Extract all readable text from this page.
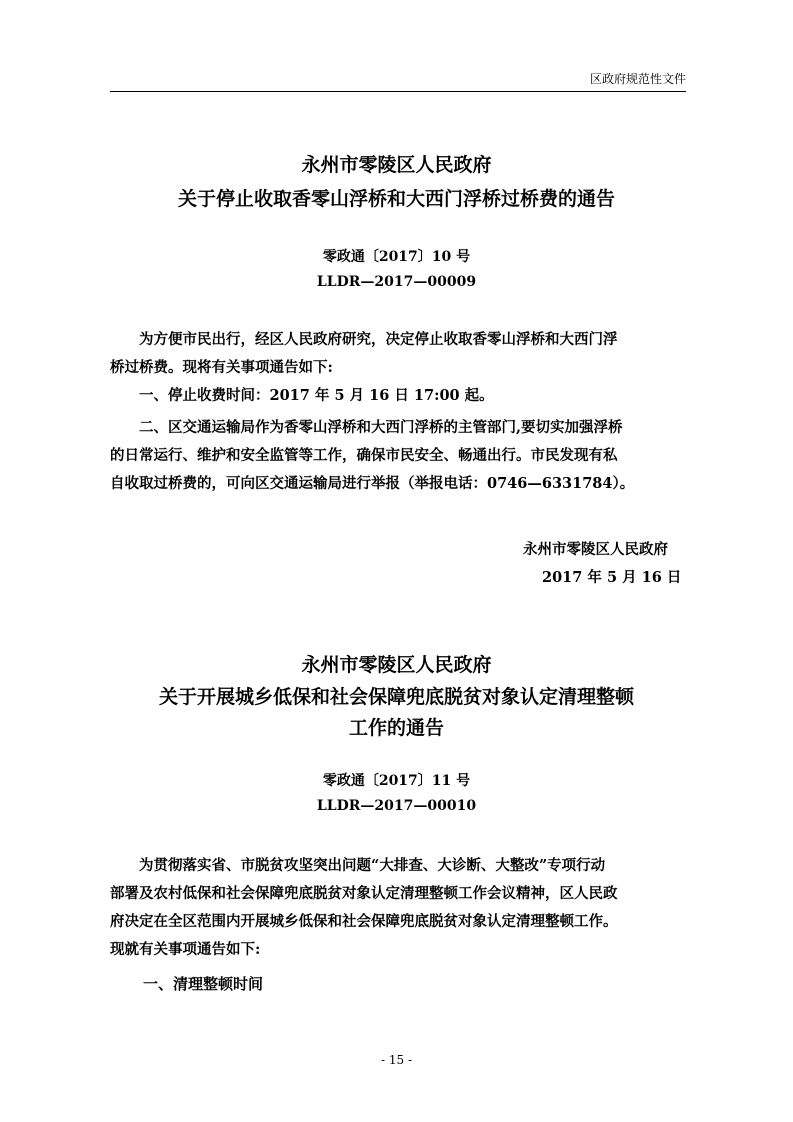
区政府规范性文件
永州市零陵区人民政府
关于停止收取香零山浮桥和大西门浮桥过桥费的通告
零政通〔2017〕10 号
LLDR—2017—00009
为方便市民出行，经区人民政府研究，决定停止收取香零山浮桥和大西门浮
桥过桥费。现将有关事项通告如下:
一、停止收费时间：2017 年 5 月 16 日 17:00 起。
二、区交通运输局作为香零山浮桥和大西门浮桥的主管部门,要切实加强浮桥
的日常运行、维护和安全监管等工作，确保市民安全、畅通出行。市民发现有私
自收取过桥费的，可向区交通运输局进行举报（举报电话：0746—6331784）。
永州市零陵区人民政府
2017 年 5 月 16 日
永州市零陵区人民政府
关于开展城乡低保和社会保障兜底脱贫对象认定清理整顿
工作的通告
零政通〔2017〕11 号
LLDR—2017—00010
为贯彻落实省、市脱贫攻坚突出问题“大排查、大诊断、大整改”专项行动
部署及农村低保和社会保障兜底脱贫对象认定清理整顿工作会议精神，区人民政
府决定在全区范围内开展城乡低保和社会保障兜底脱贫对象认定清理整顿工作。
现就有关事项通告如下:
一、清理整顿时间
- 15 -
